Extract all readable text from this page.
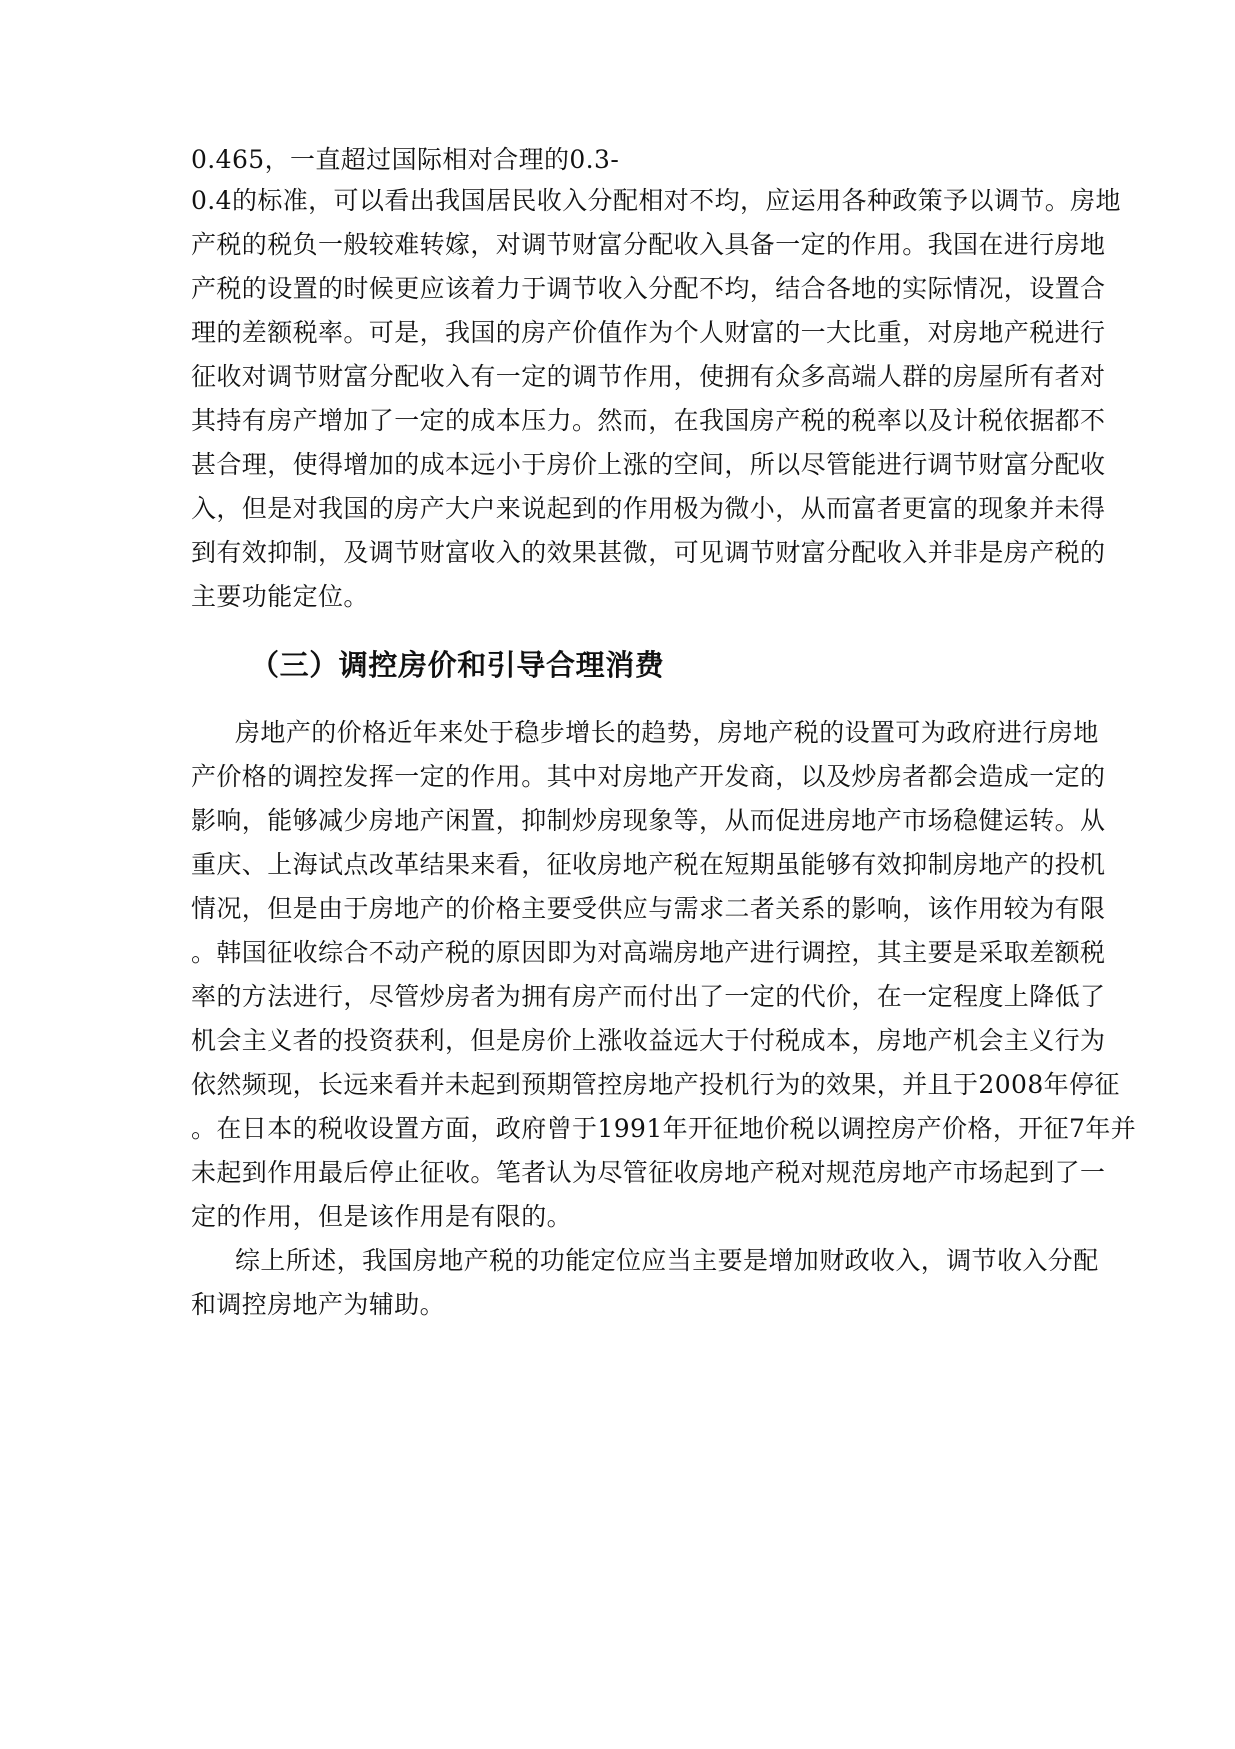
0.465，一直超过国际相对合理的0.3-
0.4的标准，可以看出我国居民收入分配相对不均，应运用各种政策予以调节。房地
产税的税负一般较难转嫁，对调节财富分配收入具备一定的作用。我国在进行房地
产税的设置的时候更应该着力于调节收入分配不均，结合各地的实际情况，设置合
理的差额税率。可是，我国的房产价值作为个人财富的一大比重，对房地产税进行
征收对调节财富分配收入有一定的调节作用，使拥有众多高端人群的房屋所有者对
其持有房产增加了一定的成本压力。然而，在我国房产税的税率以及计税依据都不
甚合理，使得增加的成本远小于房价上涨的空间，所以尽管能进行调节财富分配收
入，但是对我国的房产大户来说起到的作用极为微小，从而富者更富的现象并未得
到有效抑制，及调节财富收入的效果甚微，可见调节财富分配收入并非是房产税的
主要功能定位。
（三）调控房价和引导合理消费
房地产的价格近年来处于稳步增长的趋势，房地产税的设置可为政府进行房地
产价格的调控发挥一定的作用。其中对房地产开发商，以及炒房者都会造成一定的
影响，能够减少房地产闲置，抑制炒房现象等，从而促进房地产市场稳健运转。从
重庆、上海试点改革结果来看，征收房地产税在短期虽能够有效抑制房地产的投机
情况，但是由于房地产的价格主要受供应与需求二者关系的影响，该作用较为有限
。韩国征收综合不动产税的原因即为对高端房地产进行调控，其主要是采取差额税
率的方法进行，尽管炒房者为拥有房产而付出了一定的代价，在一定程度上降低了
机会主义者的投资获利，但是房价上涨收益远大于付税成本，房地产机会主义行为
依然频现，长远来看并未起到预期管控房地产投机行为的效果，并且于2008年停征
。在日本的税收设置方面，政府曾于1991年开征地价税以调控房产价格，开征7年并
未起到作用最后停止征收。笔者认为尽管征收房地产税对规范房地产市场起到了一
定的作用，但是该作用是有限的。
综上所述，我国房地产税的功能定位应当主要是增加财政收入，调节收入分配
和调控房地产为辅助。
